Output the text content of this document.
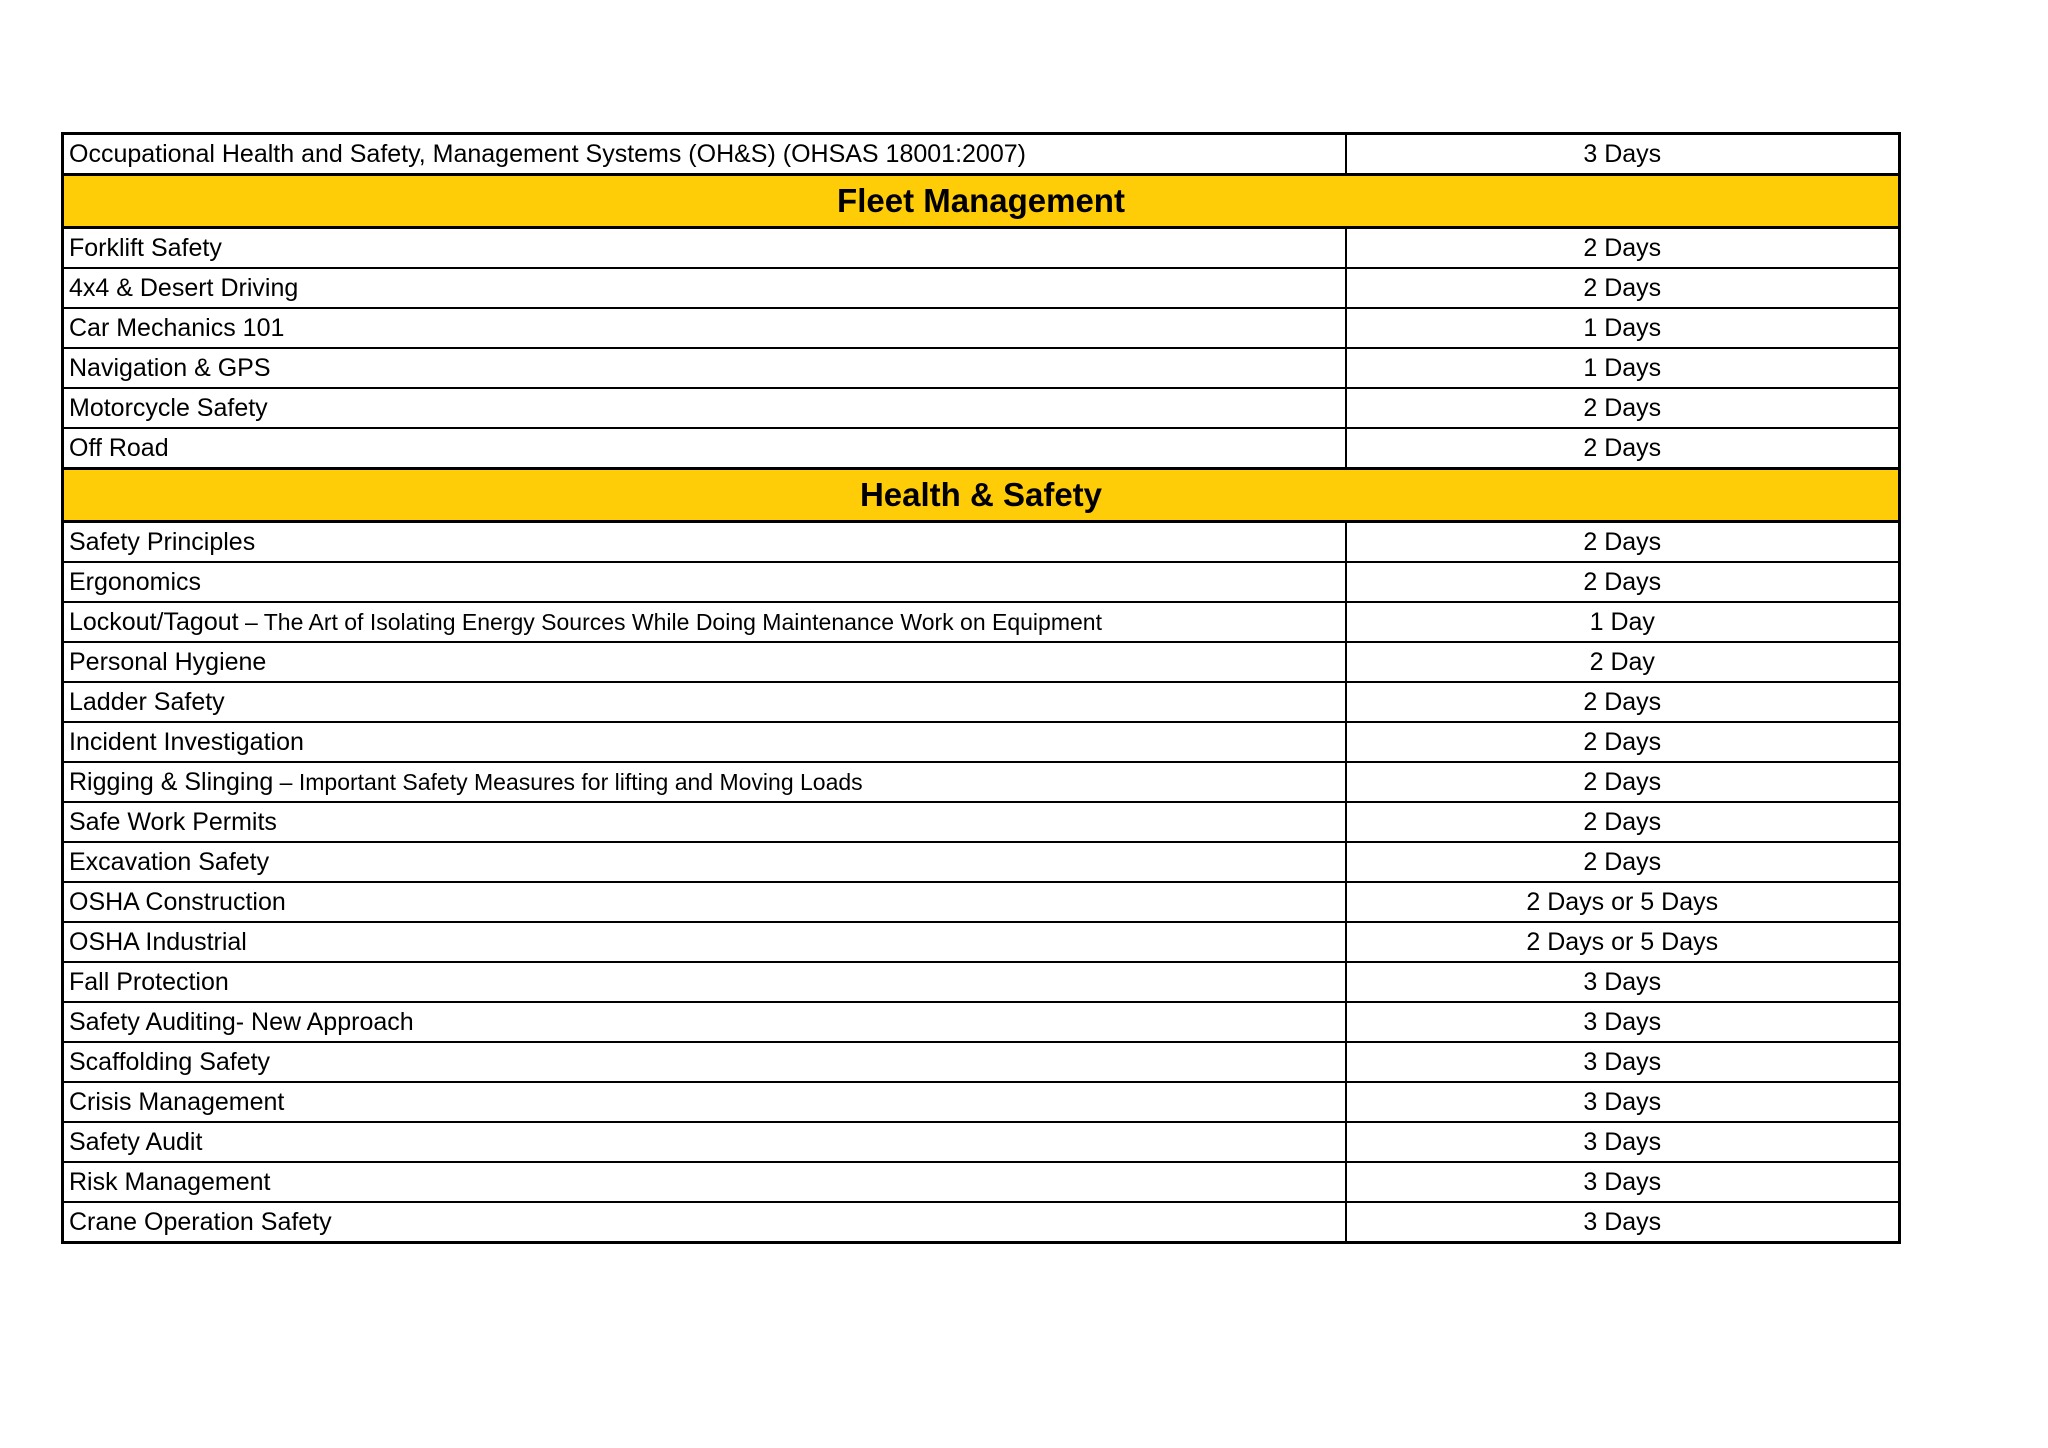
Occupational Health and Safety, Management Systems (OH&S) (OHSAS 18001:2007)	3 Days
Fleet Management	
Forklift Safety	2 Days
4x4 & Desert Driving	2 Days
Car Mechanics 101	1 Days
Navigation & GPS	1 Days
Motorcycle Safety	2 Days
Off Road	2 Days
Health & Safety	
Safety Principles	2 Days
Ergonomics	2 Days
Lockout/Tagout – The Art of Isolating Energy Sources While Doing Maintenance Work on Equipment	1 Day
Personal Hygiene	2 Day
Ladder Safety	2 Days
Incident Investigation	2 Days
Rigging & Slinging – Important Safety Measures for lifting and Moving Loads	2 Days
Safe Work Permits	2 Days
Excavation Safety	2 Days
OSHA Construction	2 Days or 5 Days
OSHA Industrial	2 Days or 5 Days
Fall Protection	3 Days
Safety Auditing- New Approach	3 Days
Scaffolding Safety	3 Days
Crisis Management	3 Days
Safety Audit	3 Days
Risk Management	3 Days
Crane Operation Safety	3 Days
